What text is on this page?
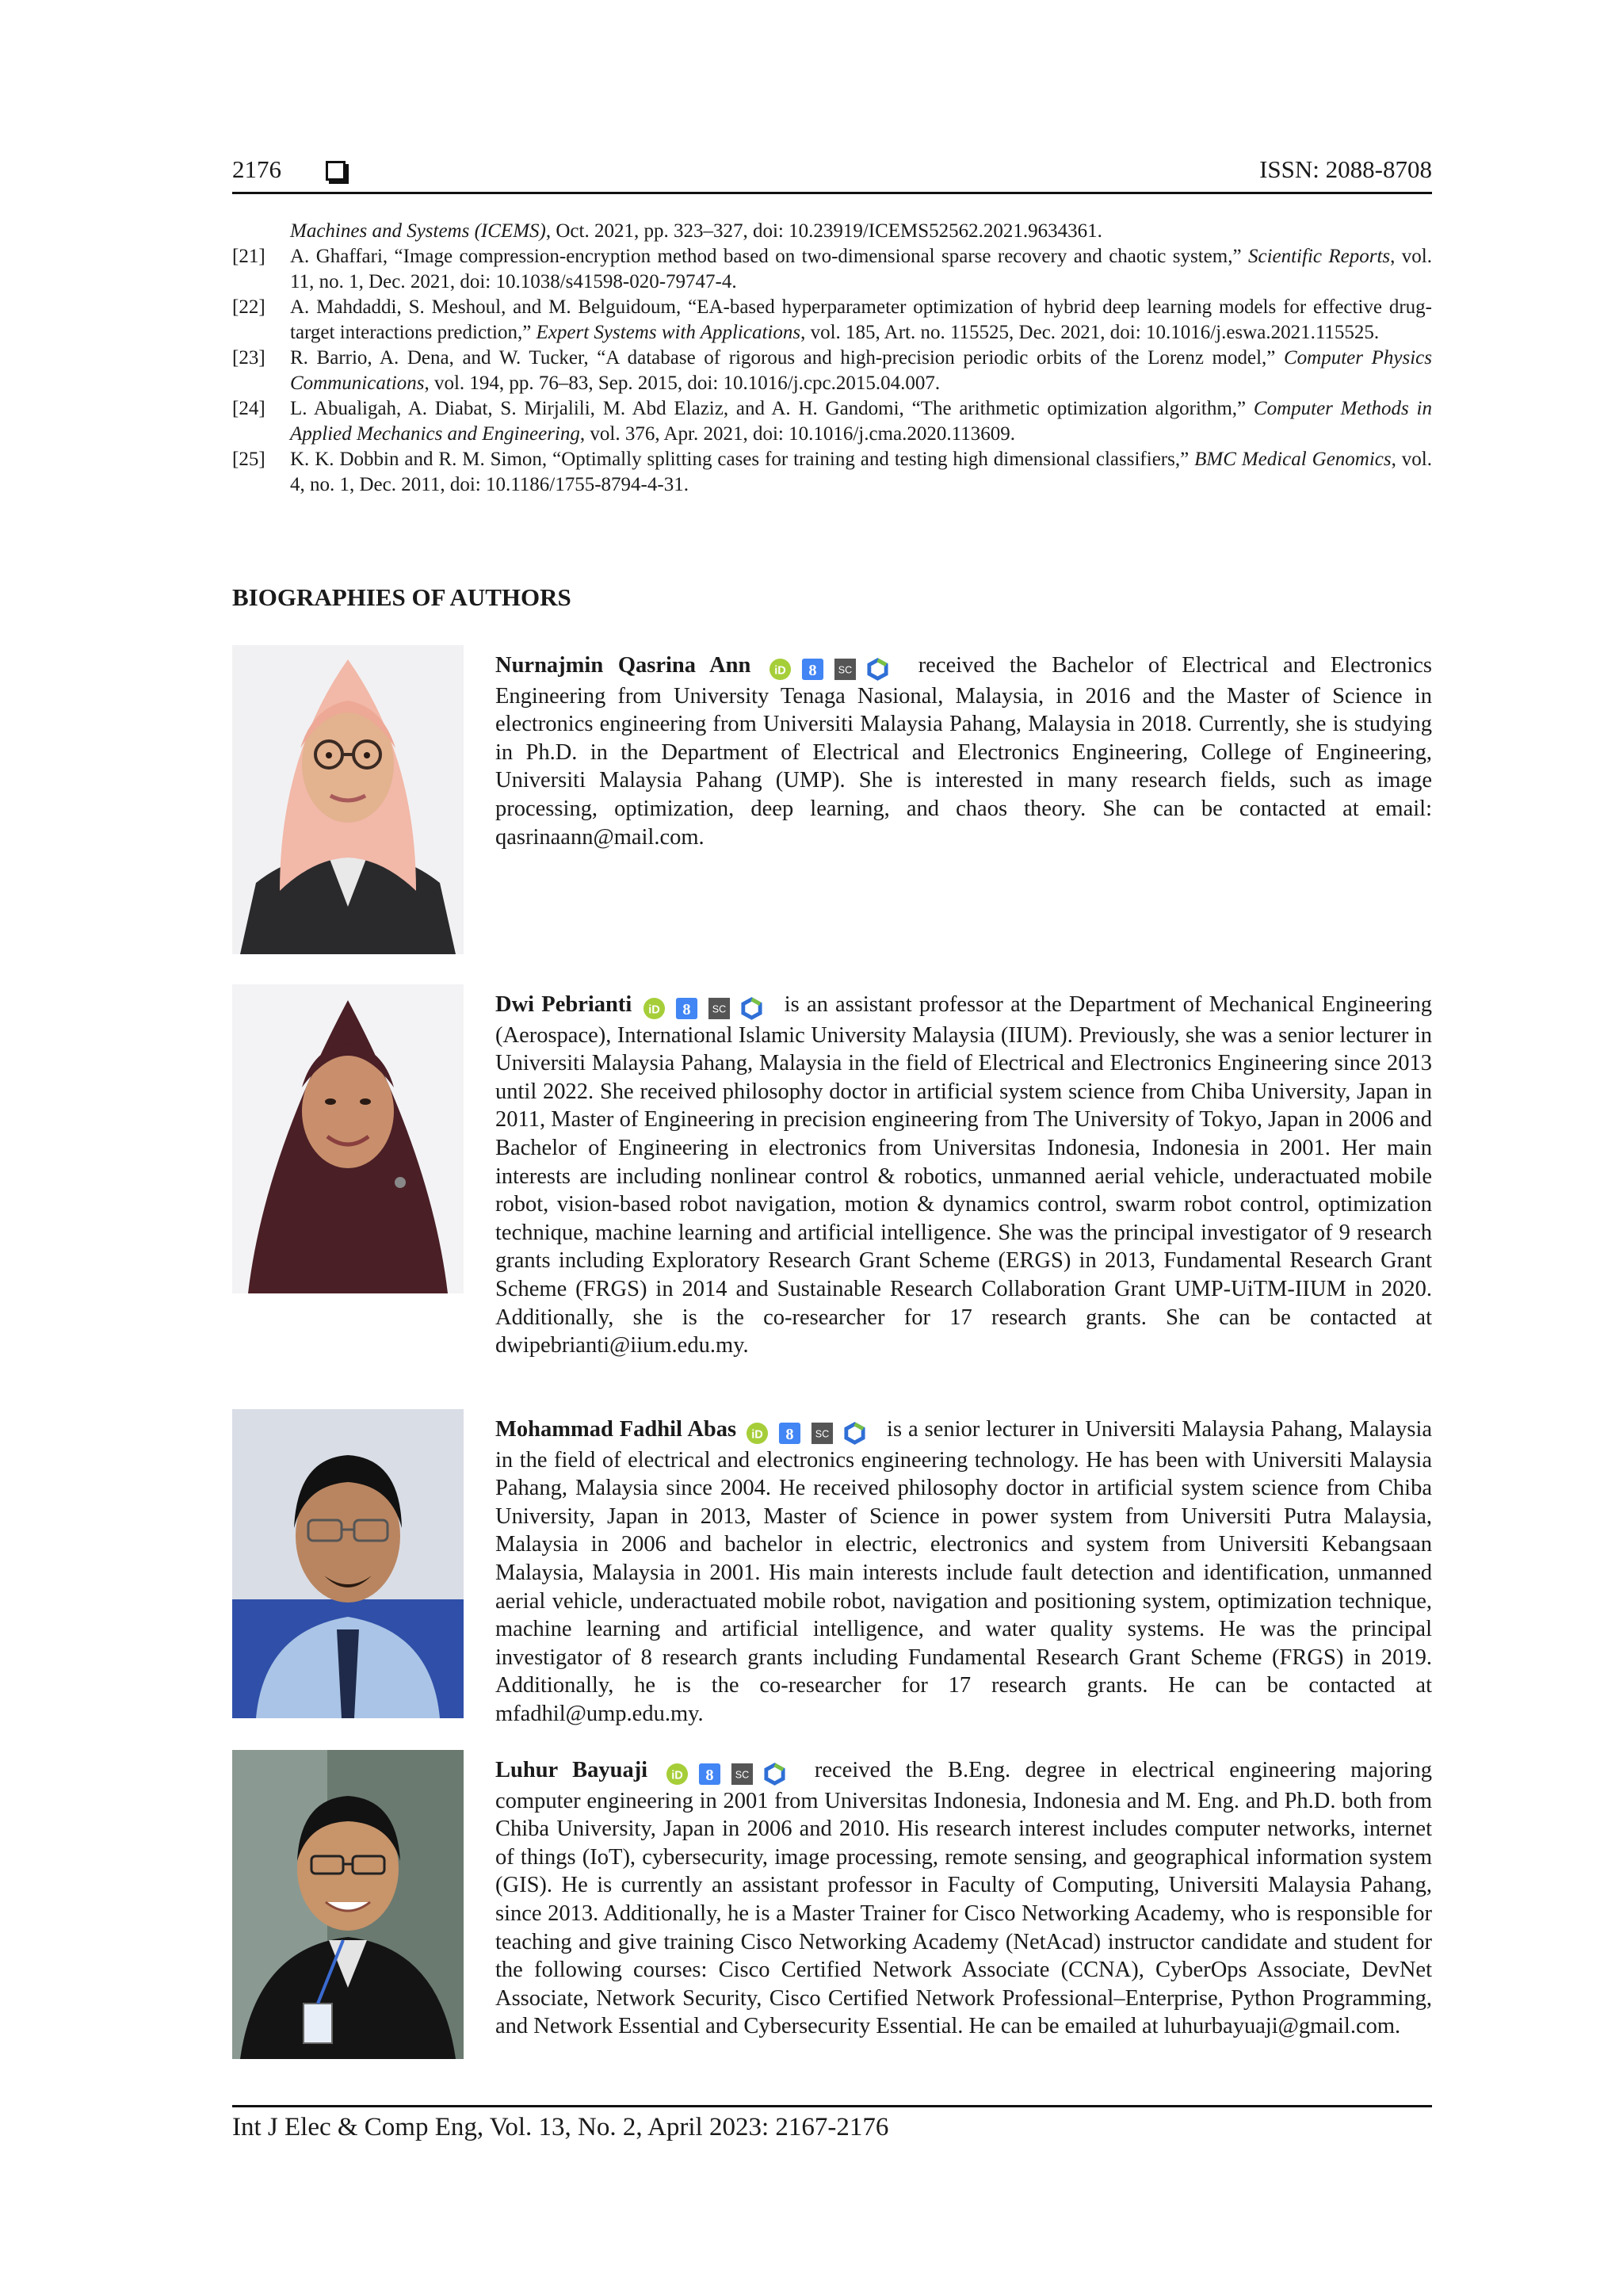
2176	ISSN: 2088-8708
Machines and Systems (ICEMS), Oct. 2021, pp. 323–327, doi: 10.23919/ICEMS52562.2021.9634361.
[21]	A. Ghaffari, “Image compression-encryption method based on two-dimensional sparse recovery and chaotic system,” Scientific Reports, vol. 11, no. 1, Dec. 2021, doi: 10.1038/s41598-020-79747-4.
[22]	A. Mahdaddi, S. Meshoul, and M. Belguidoum, “EA-based hyperparameter optimization of hybrid deep learning models for effective drug-target interactions prediction,” Expert Systems with Applications, vol. 185, Art. no. 115525, Dec. 2021, doi: 10.1016/j.eswa.2021.115525.
[23]	R. Barrio, A. Dena, and W. Tucker, “A database of rigorous and high-precision periodic orbits of the Lorenz model,” Computer Physics Communications, vol. 194, pp. 76–83, Sep. 2015, doi: 10.1016/j.cpc.2015.04.007.
[24]	L. Abualigah, A. Diabat, S. Mirjalili, M. Abd Elaziz, and A. H. Gandomi, “The arithmetic optimization algorithm,” Computer Methods in Applied Mechanics and Engineering, vol. 376, Apr. 2021, doi: 10.1016/j.cma.2020.113609.
[25]	K. K. Dobbin and R. M. Simon, “Optimally splitting cases for training and testing high dimensional classifiers,” BMC Medical Genomics, vol. 4, no. 1, Dec. 2011, doi: 10.1186/1755-8794-4-31.
BIOGRAPHIES OF AUTHORS
Nurnajmin Qasrina Ann iD 8 SC	received the Bachelor of Electrical and Electronics Engineering from University Tenaga Nasional, Malaysia, in 2016 and the Master of Science in electronics engineering from Universiti Malaysia Pahang, Malaysia in 2018. Currently, she is studying in Ph.D. in the Department of Electrical and Electronics Engineering, College of Engineering, Universiti Malaysia Pahang (UMP). She is interested in many research fields, such as image processing, optimization, deep learning, and chaos theory. She can be contacted at email: qasrinaann@mail.com.
Dwi Pebrianti iD 8 SC	is an assistant professor at the Department of Mechanical Engineering (Aerospace), International Islamic University Malaysia (IIUM). Previously, she was a senior lecturer in Universiti Malaysia Pahang, Malaysia in the field of Electrical and Electronics Engineering since 2013 until 2022. She received philosophy doctor in artificial system science from Chiba University, Japan in 2011, Master of Engineering in precision engineering from The University of Tokyo, Japan in 2006 and Bachelor of Engineering in electronics from Universitas Indonesia, Indonesia in 2001. Her main interests are including nonlinear control & robotics, unmanned aerial vehicle, underactuated mobile robot, vision-based robot navigation, motion & dynamics control, swarm robot control, optimization technique, machine learning and artificial intelligence. She was the principal investigator of 9 research grants including Exploratory Research Grant Scheme (ERGS) in 2013, Fundamental Research Grant Scheme (FRGS) in 2014 and Sustainable Research Collaboration Grant UMP-UiTM-IIUM in 2020. Additionally, she is the co-researcher for 17 research grants. She can be contacted at dwipebrianti@iium.edu.my.
Mohammad Fadhil Abas iD 8 SC	is a senior lecturer in Universiti Malaysia Pahang, Malaysia in the field of electrical and electronics engineering technology. He has been with Universiti Malaysia Pahang, Malaysia since 2004. He received philosophy doctor in artificial system science from Chiba University, Japan in 2013, Master of Science in power system from Universiti Putra Malaysia, Malaysia in 2006 and bachelor in electric, electronics and system from Universiti Kebangsaan Malaysia, Malaysia in 2001. His main interests include fault detection and identification, unmanned aerial vehicle, underactuated mobile robot, navigation and positioning system, optimization technique, machine learning and artificial intelligence, and water quality systems. He was the principal investigator of 8 research grants including Fundamental Research Grant Scheme (FRGS) in 2019. Additionally, he is the co-researcher for 17 research grants. He can be contacted at mfadhil@ump.edu.my.
Luhur Bayuaji iD 8 SC	received the B.Eng. degree in electrical engineering majoring computer engineering in 2001 from Universitas Indonesia, Indonesia and M. Eng. and Ph.D. both from Chiba University, Japan in 2006 and 2010. His research interest includes computer networks, internet of things (IoT), cybersecurity, image processing, remote sensing, and geographical information system (GIS). He is currently an assistant professor in Faculty of Computing, Universiti Malaysia Pahang, since 2013. Additionally, he is a Master Trainer for Cisco Networking Academy, who is responsible for teaching and give training Cisco Networking Academy (NetAcad) instructor candidate and student for the following courses: Cisco Certified Network Associate (CCNA), CyberOps Associate, DevNet Associate, Network Security, Cisco Certified Network Professional–Enterprise, Python Programming, and Network Essential and Cybersecurity Essential. He can be emailed at luhurbayuaji@gmail.com.
Int J Elec & Comp Eng, Vol. 13, No. 2, April 2023: 2167-2176
